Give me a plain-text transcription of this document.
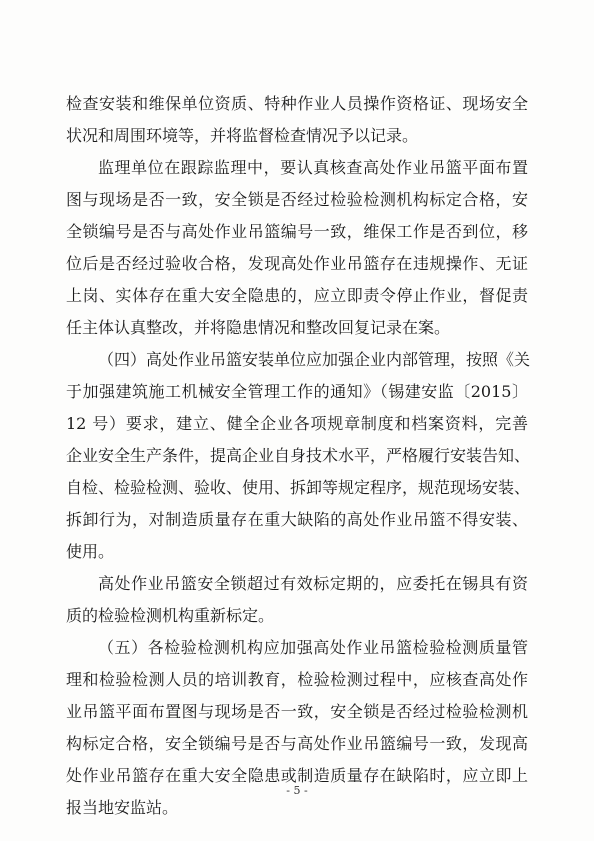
检查安装和维保单位资质、特种作业人员操作资格证、现场安全
状况和周围环境等，并将监督检查情况予以记录。
监理单位在跟踪监理中，要认真核查高处作业吊篮平面布置
图与现场是否一致，安全锁是否经过检验检测机构标定合格，安
全锁编号是否与高处作业吊篮编号一致，维保工作是否到位，移
位后是否经过验收合格，发现高处作业吊篮存在违规操作、无证
上岗、实体存在重大安全隐患的，应立即责令停止作业，督促责
任主体认真整改，并将隐患情况和整改回复记录在案。
（四）高处作业吊篮安装单位应加强企业内部管理，按照《关
于加强建筑施工机械安全管理工作的通知》（锡建安监〔2015〕
12 号）要求，建立、健全企业各项规章制度和档案资料，完善
企业安全生产条件，提高企业自身技术水平，严格履行安装告知、
自检、检验检测、验收、使用、拆卸等规定程序，规范现场安装、
拆卸行为，对制造质量存在重大缺陷的高处作业吊篮不得安装、
使用。
高处作业吊篮安全锁超过有效标定期的，应委托在锡具有资
质的检验检测机构重新标定。
（五）各检验检测机构应加强高处作业吊篮检验检测质量管
理和检验检测人员的培训教育，检验检测过程中，应核查高处作
业吊篮平面布置图与现场是否一致，安全锁是否经过检验检测机
构标定合格，安全锁编号是否与高处作业吊篮编号一致，发现高
处作业吊篮存在重大安全隐患或制造质量存在缺陷时，应立即上
报当地安监站。
- 5 -
